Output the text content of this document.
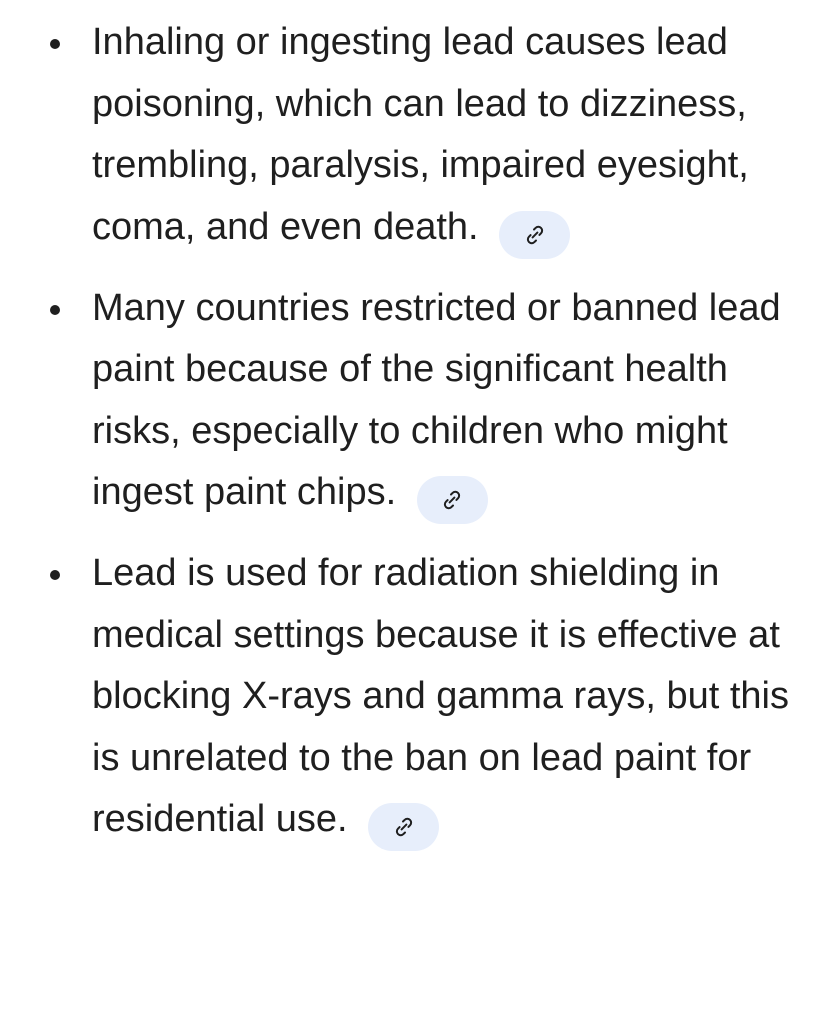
Inhaling or ingesting lead causes lead poisoning, which can lead to dizziness, trembling, paralysis, impaired eyesight, coma, and even death.
Many countries restricted or banned lead paint because of the significant health risks, especially to children who might ingest paint chips.
Lead is used for radiation shielding in medical settings because it is effective at blocking X-rays and gamma rays, but this is unrelated to the ban on lead paint for residential use.
